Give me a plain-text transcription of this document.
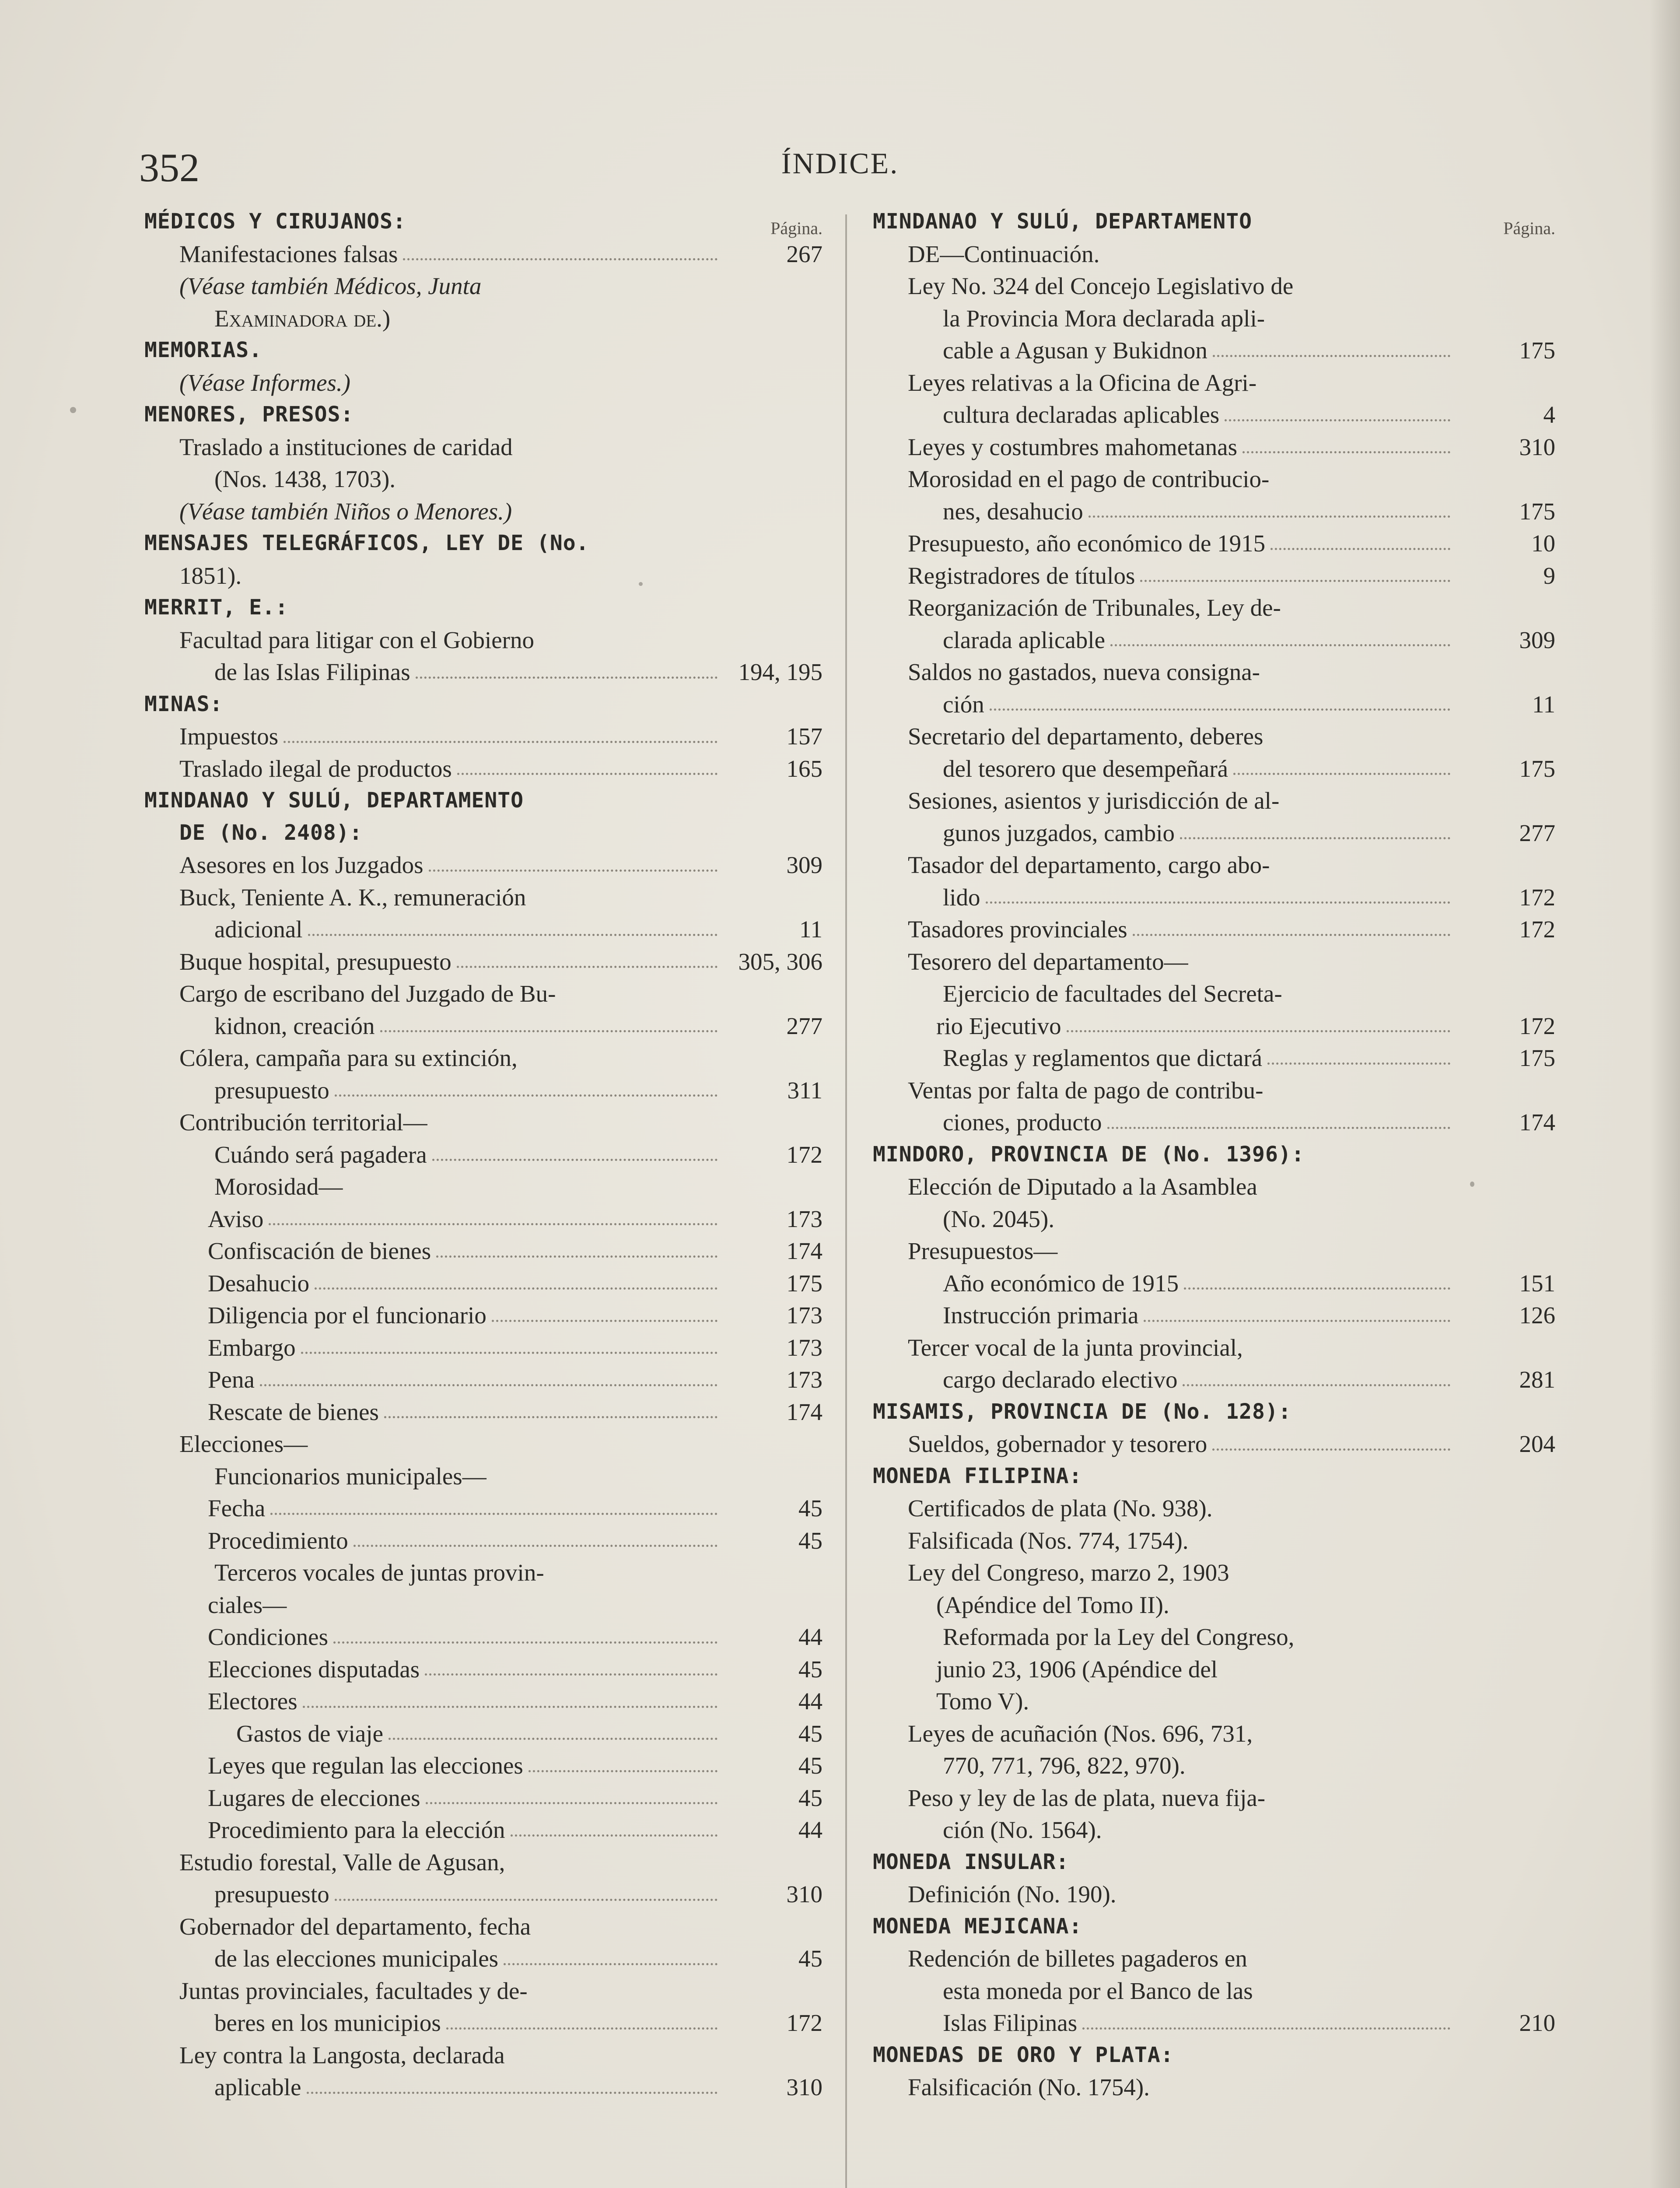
352	ÍNDICE.
Página.
MÉDICOS Y CIRUJANOS:
Manifestaciones falsas	267
(Véase también Médicos, Junta
Examinadora de.)
MEMORIAS.
(Véase Informes.)
MENORES, PRESOS:
Traslado a instituciones de caridad
(Nos. 1438, 1703).
(Véase también Niños o Menores.)
MENSAJES TELEGRÁFICOS, LEY DE (No.
1851).
MERRIT, E.:
Facultad para litigar con el Gobierno
de las Islas Filipinas	194, 195
MINAS:
Impuestos	157
Traslado ilegal de productos	165
MINDANAO Y SULÚ, DEPARTAMENTO
DE (No. 2408):
Asesores en los Juzgados	309
Buck, Teniente A. K., remuneración
adicional	11
Buque hospital, presupuesto	305, 306
Cargo de escribano del Juzgado de Bu-
kidnon, creación	277
Cólera, campaña para su extinción,
presupuesto	311
Contribución territorial—
Cuándo será pagadera	172
Morosidad—
Aviso	173
Confiscación de bienes	174
Desahucio	175
Diligencia por el funcionario	173
Embargo	173
Pena	173
Rescate de bienes	174
Elecciones—
Funcionarios municipales—
Fecha	45
Procedimiento	45
Terceros vocales de juntas provin-
ciales—
Condiciones	44
Elecciones disputadas	45
Electores	44
Gastos de viaje	45
Leyes que regulan las elecciones	45
Lugares de elecciones	45
Procedimiento para la elección	44
Estudio forestal, Valle de Agusan,
presupuesto	310
Gobernador del departamento, fecha
de las elecciones municipales	45
Juntas provinciales, facultades y de-
beres en los municipios	172
Ley contra la Langosta, declarada
aplicable	310
Página.
MINDANAO Y SULÚ, DEPARTAMENTO
DE—Continuación.
Ley No. 324 del Concejo Legislativo de
la Provincia Mora declarada apli-
cable a Agusan y Bukidnon	175
Leyes relativas a la Oficina de Agri-
cultura declaradas aplicables	4
Leyes y costumbres mahometanas	310
Morosidad en el pago de contribucio-
nes, desahucio	175
Presupuesto, año económico de 1915	10
Registradores de títulos	9
Reorganización de Tribunales, Ley de-
clarada aplicable	309
Saldos no gastados, nueva consigna-
ción	11
Secretario del departamento, deberes
del tesorero que desempeñará	175
Sesiones, asientos y jurisdicción de al-
gunos juzgados, cambio	277
Tasador del departamento, cargo abo-
lido	172
Tasadores provinciales	172
Tesorero del departamento—
Ejercicio de facultades del Secreta-
rio Ejecutivo	172
Reglas y reglamentos que dictará	175
Ventas por falta de pago de contribu-
ciones, producto	174
MINDORO, PROVINCIA DE (No. 1396):
Elección de Diputado a la Asamblea
(No. 2045).
Presupuestos—
Año económico de 1915	151
Instrucción primaria	126
Tercer vocal de la junta provincial,
cargo declarado electivo	281
MISAMIS, PROVINCIA DE (No. 128):
Sueldos, gobernador y tesorero	204
MONEDA FILIPINA:
Certificados de plata (No. 938).
Falsificada (Nos. 774, 1754).
Ley del Congreso, marzo 2, 1903
(Apéndice del Tomo II).
Reformada por la Ley del Congreso,
junio 23, 1906 (Apéndice del
Tomo V).
Leyes de acuñación (Nos. 696, 731,
770, 771, 796, 822, 970).
Peso y ley de las de plata, nueva fija-
ción (No. 1564).
MONEDA INSULAR:
Definición (No. 190).
MONEDA MEJICANA:
Redención de billetes pagaderos en
esta moneda por el Banco de las
Islas Filipinas	210
MONEDAS DE ORO Y PLATA:
Falsificación (No. 1754).
